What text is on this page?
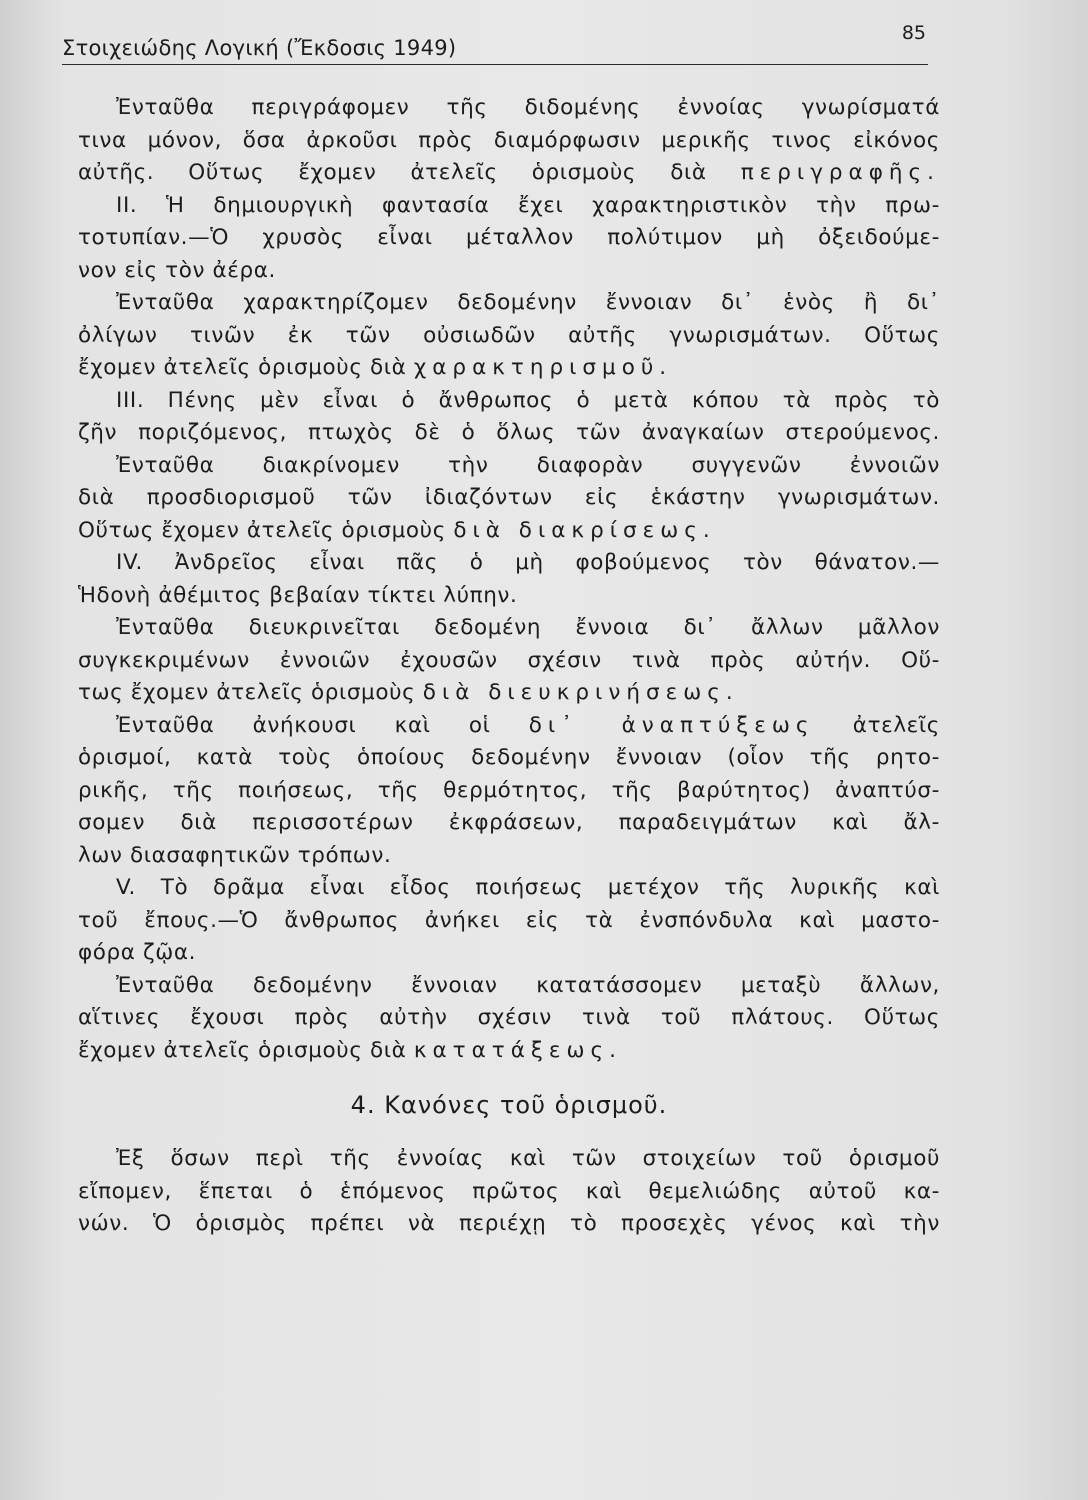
Στοιχειώδης Λογική (Ἔκδοσις 1949)
85
Ἐνταῦθα περιγράφομεν τῆς διδομένης ἐννοίας γνωρίσματά
τινα μόνον, ὅσα ἀρκοῦσι πρὸς διαμόρφωσιν μερικῆς τινος εἰκόνος
αὐτῆς. Οὕτως ἔχομεν ἀτελεῖς ὁρισμοὺς διὰ περιγραφῆς.
II. Ἡ δημιουργικὴ φαντασία ἔχει χαρακτηριστικὸν τὴν πρω-
τοτυπίαν.—Ὁ χρυσὸς εἶναι μέταλλον πολύτιμον μὴ ὀξειδούμε-
νον εἰς τὸν ἀέρα.
Ἐνταῦθα χαρακτηρίζομεν δεδομένην ἔννοιαν δι᾿ ἑνὸς ἢ δι᾿
ὀλίγων τινῶν ἐκ τῶν οὐσιωδῶν αὐτῆς γνωρισμάτων. Οὕτως
ἔχομεν ἀτελεῖς ὁρισμοὺς διὰ χαρακτηρισμοῦ.
III. Πένης μὲν εἶναι ὁ ἄνθρωπος ὁ μετὰ κόπου τὰ πρὸς τὸ
ζῆν ποριζόμενος, πτωχὸς δὲ ὁ ὅλως τῶν ἀναγκαίων στερούμενος.
Ἐνταῦθα διακρίνομεν τὴν διαφορὰν συγγενῶν ἐννοιῶν
διὰ προσδιορισμοῦ τῶν ἰδιαζόντων εἰς ἑκάστην γνωρισμάτων.
Οὕτως ἔχομεν ἀτελεῖς ὁρισμοὺς διὰ διακρίσεως.
IV. Ἀνδρεῖος εἶναι πᾶς ὁ μὴ φοβούμενος τὸν θάνατον.—
Ἡδονὴ ἀθέμιτος βεβαίαν τίκτει λύπην.
Ἐνταῦθα διευκρινεῖται δεδομένη ἔννοια δι᾿ ἄλλων μᾶλλον
συγκεκριμένων ἐννοιῶν ἐχουσῶν σχέσιν τινὰ πρὸς αὐτήν. Οὕ-
τως ἔχομεν ἀτελεῖς ὁρισμοὺς διὰ διευκρινήσεως.
Ἐνταῦθα ἀνήκουσι καὶ οἱ δι᾿ ἀναπτύξεως ἀτελεῖς
ὁρισμοί, κατὰ τοὺς ὁποίους δεδομένην ἔννοιαν (οἷον τῆς ρητο-
ρικῆς, τῆς ποιήσεως, τῆς θερμότητος, τῆς βαρύτητος) ἀναπτύσ-
σομεν διὰ περισσοτέρων ἐκφράσεων, παραδειγμάτων καὶ ἄλ-
λων διασαφητικῶν τρόπων.
V. Τὸ δρᾶμα εἶναι εἶδος ποιήσεως μετέχον τῆς λυρικῆς καὶ
τοῦ ἔπους.—Ὁ ἄνθρωπος ἀνήκει εἰς τὰ ἐνσπόνδυλα καὶ μαστο-
φόρα ζῷα.
Ἐνταῦθα δεδομένην ἔννοιαν κατατάσσομεν μεταξὺ ἄλλων,
αἵτινες ἔχουσι πρὸς αὐτὴν σχέσιν τινὰ τοῦ πλάτους. Οὕτως
ἔχομεν ἀτελεῖς ὁρισμοὺς διὰ κατατάξεως.
4. Κανόνες τοῦ ὁρισμοῦ.
Ἐξ ὅσων περὶ τῆς ἐννοίας καὶ τῶν στοιχείων τοῦ ὁρισμοῦ
εἴπομεν, ἕπεται ὁ ἑπόμενος πρῶτος καὶ θεμελιώδης αὐτοῦ κα-
νών. Ὁ ὁρισμὸς πρέπει νὰ περιέχῃ τὸ προσεχὲς γένος καὶ τὴν
